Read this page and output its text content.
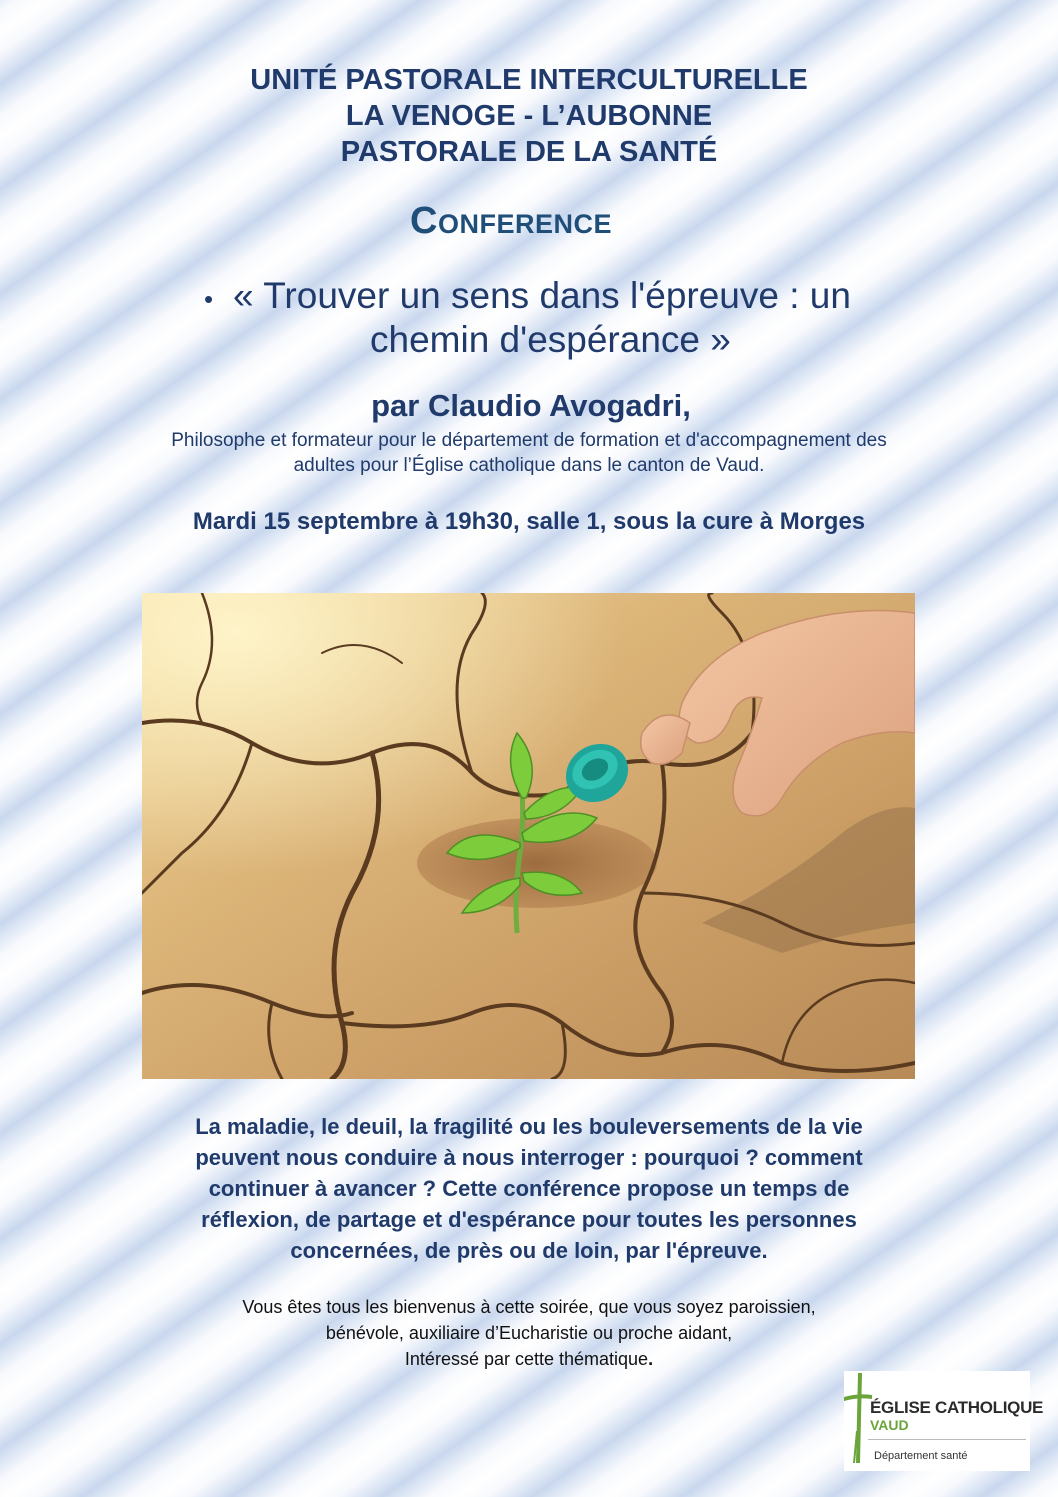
UNITÉ PASTORALE INTERCULTURELLE
LA VENOGE - L’AUBONNE
PASTORALE DE LA SANTÉ
CONFERENCE
• « Trouver un sens dans l'épreuve : un
chemin d'espérance »
par Claudio Avogadri,
Philosophe et formateur pour le département de formation et d'accompagnement des
adultes pour l’Église catholique dans le canton de Vaud.
Mardi 15 septembre à 19h30, salle 1, sous la cure à Morges
La maladie, le deuil, la fragilité ou les bouleversements de la vie
peuvent nous conduire à nous interroger : pourquoi ? comment
continuer à avancer ? Cette conférence propose un temps de
réflexion, de partage et d'espérance pour toutes les personnes
concernées, de près ou de loin, par l'épreuve.
Vous êtes tous les bienvenus à cette soirée, que vous soyez paroissien,
bénévole, auxiliaire d’Eucharistie ou proche aidant,
Intéressé par cette thématique.
ÉGLISE CATHOLIQUE
VAUD
Département santé
